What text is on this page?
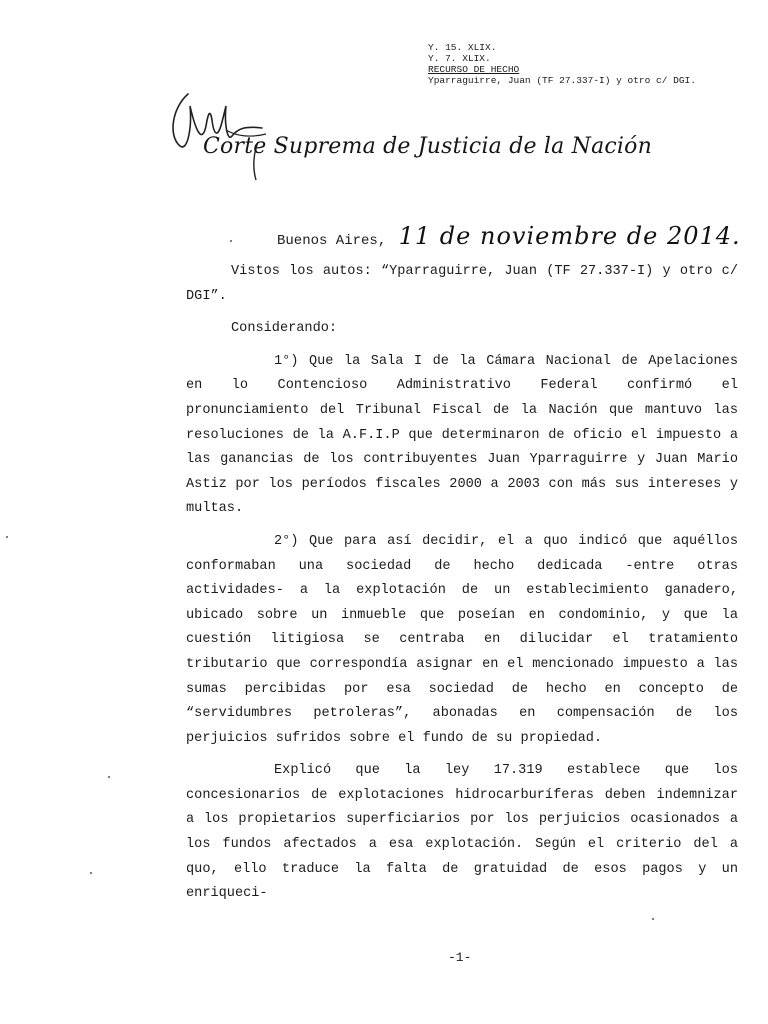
Y. 15. XLIX.
Y. 7. XLIX.
RECURSO DE HECHO
Yparraguirre, Juan (TF 27.337-I) y otro c/ DGI.
Corte Suprema de Justicia de la Nación
Buenos Aires, 11 de noviembre de 2014.

Vistos los autos: “Yparraguirre, Juan (TF 27.337-I) y otro c/ DGI”.

Considerando:

1°) Que la Sala I de la Cámara Nacional de Apelaciones en lo Contencioso Administrativo Federal confirmó el pronunciamiento del Tribunal Fiscal de la Nación que mantuvo las resoluciones de la A.F.I.P que determinaron de oficio el impuesto a las ganancias de los contribuyentes Juan Yparraguirre y Juan Mario Astiz por los períodos fiscales 2000 a 2003 con más sus intereses y multas.

2°) Que para así decidir, el a quo indicó que aquéllos conformaban una sociedad de hecho dedicada -entre otras actividades- a la explotación de un establecimiento ganadero, ubicado sobre un inmueble que poseían en condominio, y que la cuestión litigiosa se centraba en dilucidar el tratamiento tributario que correspondía asignar en el mencionado impuesto a las sumas percibidas por esa sociedad de hecho en concepto de “servidumbres petroleras”, abonadas en compensación de los perjuicios sufridos sobre el fundo de su propiedad.

Explicó que la ley 17.319 establece que los concesionarios de explotaciones hidrocarburíferas deben indemnizar a los propietarios superficiarios por los perjuicios ocasionados a los fundos afectados a esa explotación. Según el criterio del a quo, ello traduce la falta de gratuidad de esos pagos y un enriqueci-

-1-
